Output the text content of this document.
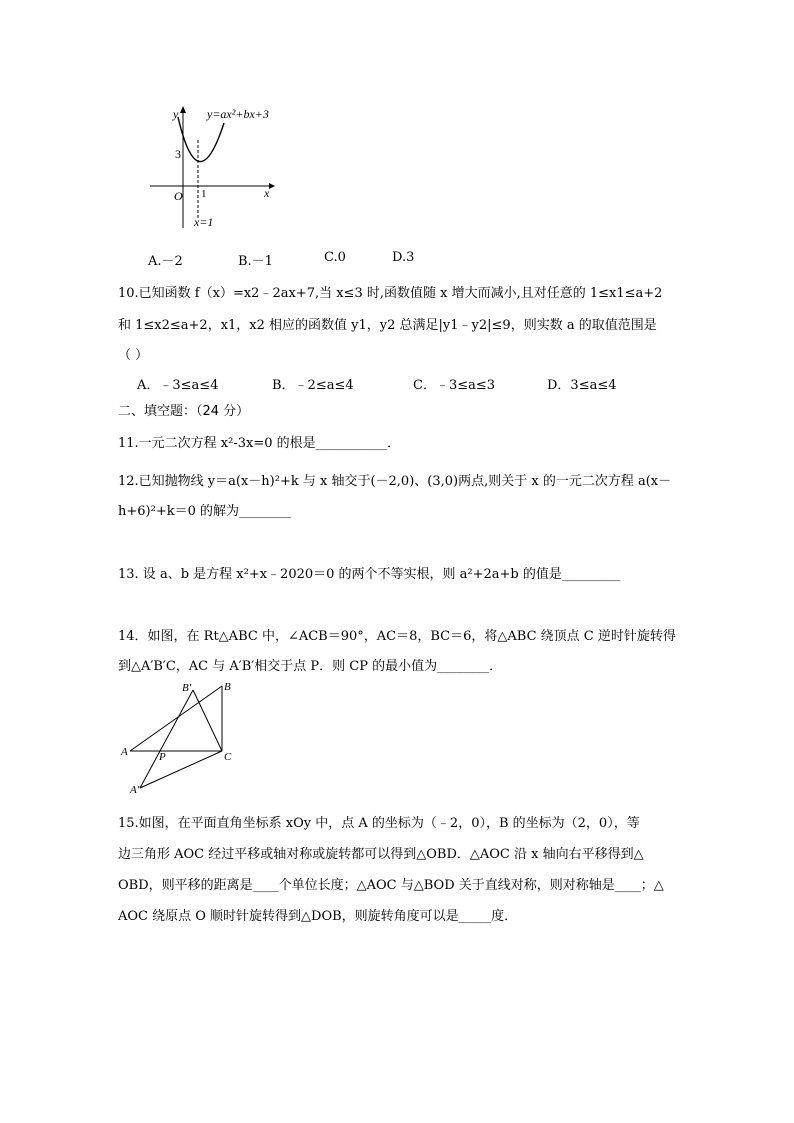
y
x
O
3
1
y=ax²+bx+3
x=1
A.－2	B.－1	C.0	D.3
10.已知函数 f（x）=x2﹣2ax+7,当 x≤3 时,函数值随 x 增大而减小,且对任意的 1≤x1≤a+2
和 1≤x2≤a+2，x1，x2 相应的函数值 y1，y2 总满足|y1﹣y2|≤9，则实数 a 的取值范围是
（ ）
A．﹣3≤a≤4	B．﹣2≤a≤4	C．﹣3≤a≤3	D．3≤a≤4
二、填空题：（24 分）
11.一元二次方程 x²-3x=0 的根是___________．
12.已知抛物线 y＝a(x－h)²+k 与 x 轴交于(－2,0)、(3,0)两点,则关于 x 的一元二次方程 a(x－
h+6)²+k＝0 的解为________
13. 设 a、b 是方程 x²+x﹣2020＝0 的两个不等实根，则 a²+2a+b 的值是_________
14．如图，在 Rt△ABC 中，∠ACB＝90°，AC＝8，BC＝6，将△ABC 绕顶点 C 逆时针旋转得
到△A′B′C，AC 与 A′B′相交于点 P．则 CP 的最小值为________．
A
B
C
A′
B′
P
15.如图，在平面直角坐标系 xOy 中，点 A 的坐标为（﹣2，0），B 的坐标为（2，0），等
边三角形 AOC 经过平移或轴对称或旋转都可以得到△OBD．△AOC 沿 x 轴向右平移得到△
OBD，则平移的距离是____个单位长度；△AOC 与△BOD 关于直线对称，则对称轴是____；△
AOC 绕原点 O 顺时针旋转得到△DOB，则旋转角度可以是_____度．
